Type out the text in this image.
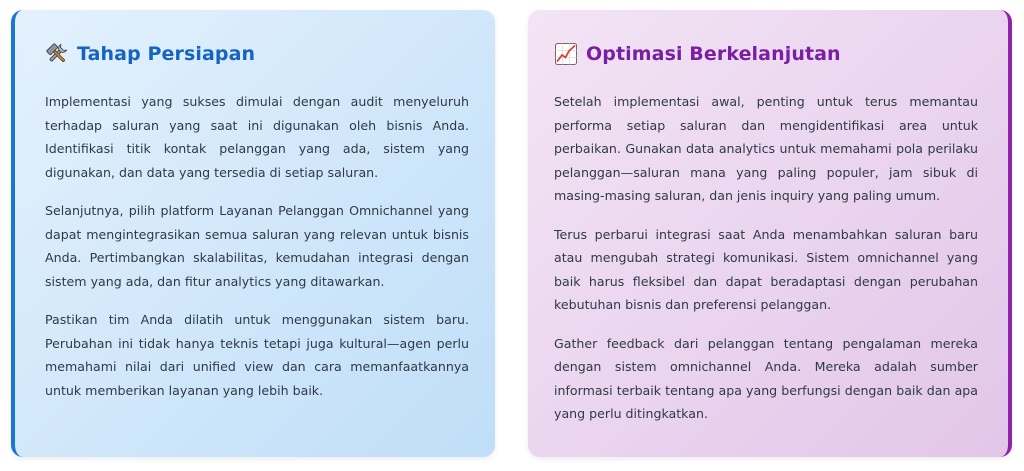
Tahap Persiapan

Implementasi yang sukses dimulai dengan audit menyeluruh terhadap saluran yang saat ini digunakan oleh bisnis Anda. Identifikasi titik kontak pelanggan yang ada, sistem yang digunakan, dan data yang tersedia di setiap saluran.

Selanjutnya, pilih platform Layanan Pelanggan Omnichannel yang dapat mengintegrasikan semua saluran yang relevan untuk bisnis Anda. Pertimbangkan skalabilitas, kemudahan integrasi dengan sistem yang ada, dan fitur analytics yang ditawarkan.

Pastikan tim Anda dilatih untuk menggunakan sistem baru. Perubahan ini tidak hanya teknis tetapi juga kultural—agen perlu memahami nilai dari unified view dan cara memanfaatkannya untuk memberikan layanan yang lebih baik.

Optimasi Berkelanjutan

Setelah implementasi awal, penting untuk terus memantau performa setiap saluran dan mengidentifikasi area untuk perbaikan. Gunakan data analytics untuk memahami pola perilaku pelanggan—saluran mana yang paling populer, jam sibuk di masing-masing saluran, dan jenis inquiry yang paling umum.

Terus perbarui integrasi saat Anda menambahkan saluran baru atau mengubah strategi komunikasi. Sistem omnichannel yang baik harus fleksibel dan dapat beradaptasi dengan perubahan kebutuhan bisnis dan preferensi pelanggan.

Gather feedback dari pelanggan tentang pengalaman mereka dengan sistem omnichannel Anda. Mereka adalah sumber informasi terbaik tentang apa yang berfungsi dengan baik dan apa yang perlu ditingkatkan.
